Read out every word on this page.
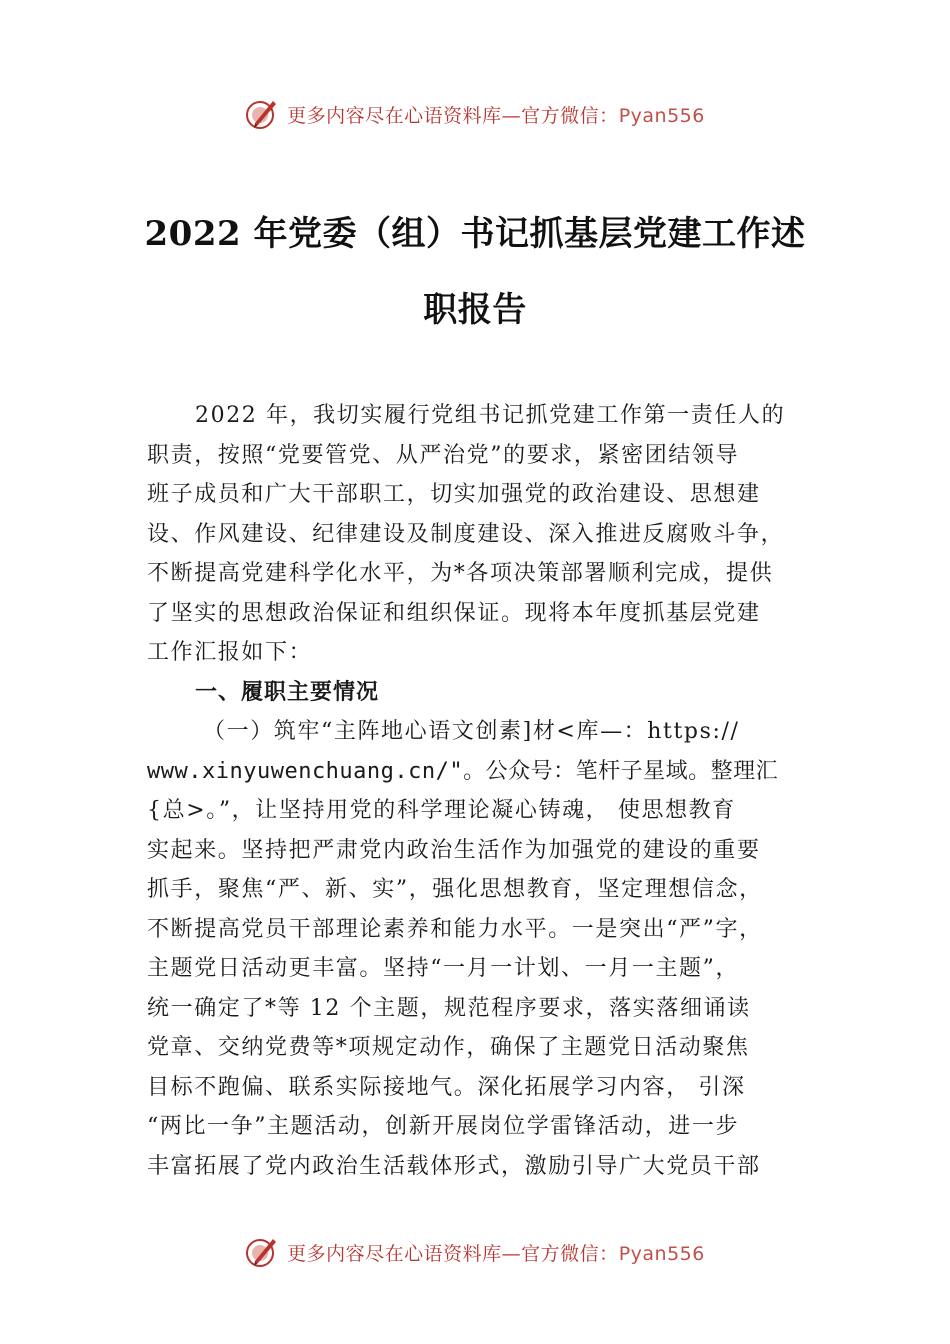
更多内容尽在心语资料库—官方微信：Pyan556
2022 年党委（组）书记抓基层党建工作述
职报告
2022 年，我切实履行党组书记抓党建工作第一责任人的
职责，按照“党要管党、从严治党”的要求，紧密团结领导
班子成员和广大干部职工，切实加强党的政治建设、思想建
设、作风建设、纪律建设及制度建设、深入推进反腐败斗争，
不断提高党建科学化水平，为*各项决策部署顺利完成，提供
了坚实的思想政治保证和组织保证。现将本年度抓基层党建
工作汇报如下：
一、履职主要情况
（一）筑牢“主阵地心语文创素]材<库—：https://
www.xinyuwenchuang.cn/"。公众号：笔杆子星域。整理汇
{总>。”，让坚持用党的科学理论凝心铸魂， 使思想教育
实起来。坚持把严肃党内政治生活作为加强党的建设的重要
抓手，聚焦“严、新、实”，强化思想教育，坚定理想信念，
不断提高党员干部理论素养和能力水平。一是突出“严”字，
主题党日活动更丰富。坚持“一月一计划、一月一主题”，
统一确定了*等 12 个主题，规范程序要求，落实落细诵读
党章、交纳党费等*项规定动作，确保了主题党日活动聚焦
目标不跑偏、联系实际接地气。深化拓展学习内容， 引深
“两比一争”主题活动，创新开展岗位学雷锋活动，进一步
丰富拓展了党内政治生活载体形式，激励引导广大党员干部
更多内容尽在心语资料库—官方微信：Pyan556
